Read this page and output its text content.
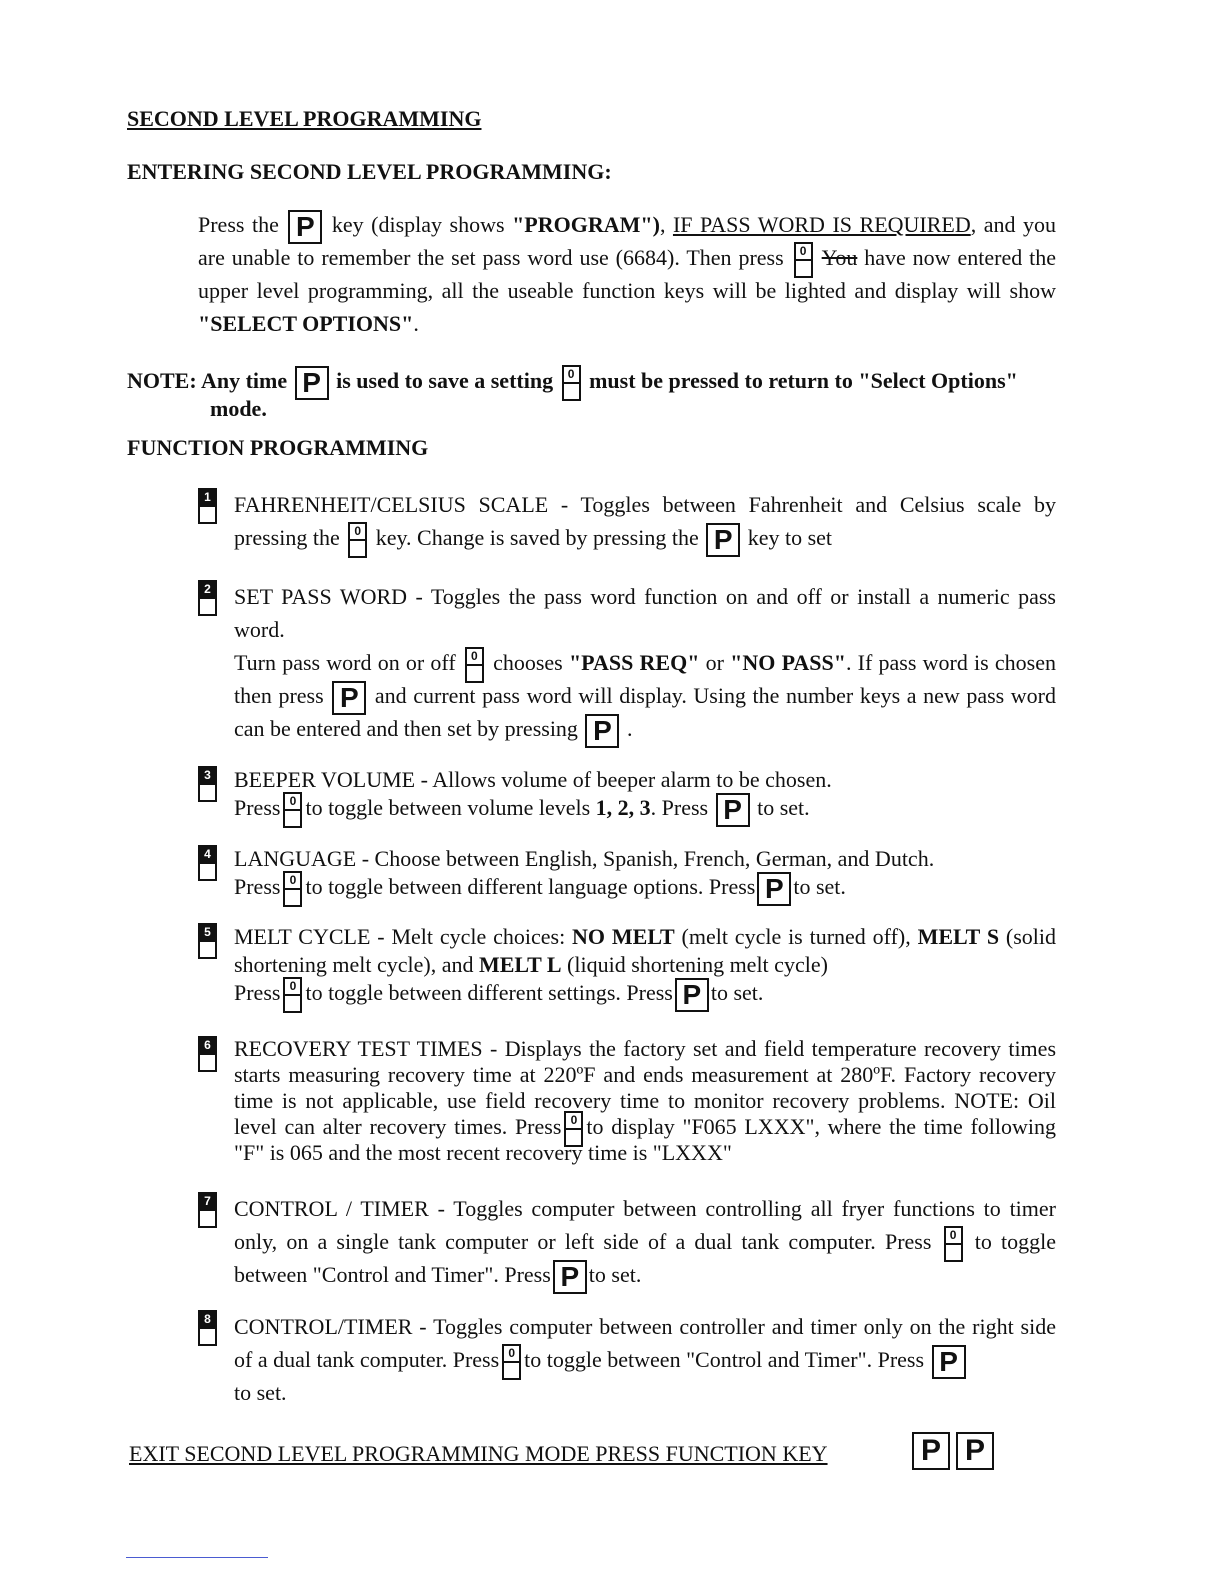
SECOND LEVEL PROGRAMMING
ENTERING SECOND LEVEL PROGRAMMING:
Press the P key (display shows "PROGRAM"), IF PASS WORD IS REQUIRED, and you are unable to remember the set pass word use (6684). Then press	0 You have now entered the upper level programming, all the useable function keys will be lighted and display will show "SELECT OPTIONS".
NOTE: Any time P is used to save a setting	0 must be pressed to return to "Select Options"
mode.
FUNCTION PROGRAMMING
1 FAHRENHEIT/CELSIUS SCALE - Toggles between Fahrenheit and Celsius scale by pressing the	0 key. Change is saved by pressing the P key to set
2 SET PASS WORD - Toggles the pass word function on and off or install a numeric pass word.
Turn pass word on or off	0 chooses "PASS REQ" or "NO PASS". If pass word is chosen then press P and current pass word will display. Using the number keys a new pass word can be entered and then set by pressing P .
3 BEEPER VOLUME - Allows volume of beeper alarm to be chosen.
Press 0 to toggle between volume levels 1, 2, 3. Press P to set.
4 LANGUAGE - Choose between English, Spanish, French, German, and Dutch.
Press 0 to toggle between different language options. Press P to set.
5 MELT CYCLE - Melt cycle choices: NO MELT (melt cycle is turned off), MELT S (solid shortening melt cycle), and MELT L (liquid shortening melt cycle)
Press 0 to toggle between different settings. Press P to set.
6 RECOVERY TEST TIMES - Displays the factory set and field temperature recovery times starts measuring recovery time at 220ºF and ends measurement at 280ºF. Factory recovery time is not applicable, use field recovery time to monitor recovery problems. NOTE: Oil level can alter recovery times. Press 0 to display "F065 LXXX", where the time following "F" is 065 and the most recent recovery time is "LXXX"
7 CONTROL / TIMER - Toggles computer between controlling all fryer functions to timer only, on a single tank computer or left side of a dual tank computer. Press	0 to toggle between "Control and Timer". Press P to set.
8 CONTROL/TIMER - Toggles computer between controller and timer only on the right side of a dual tank computer. Press 0 to toggle between "Control and Timer". Press P
to set.
EXIT SECOND LEVEL PROGRAMMING MODE PRESS FUNCTION KEY	P P
